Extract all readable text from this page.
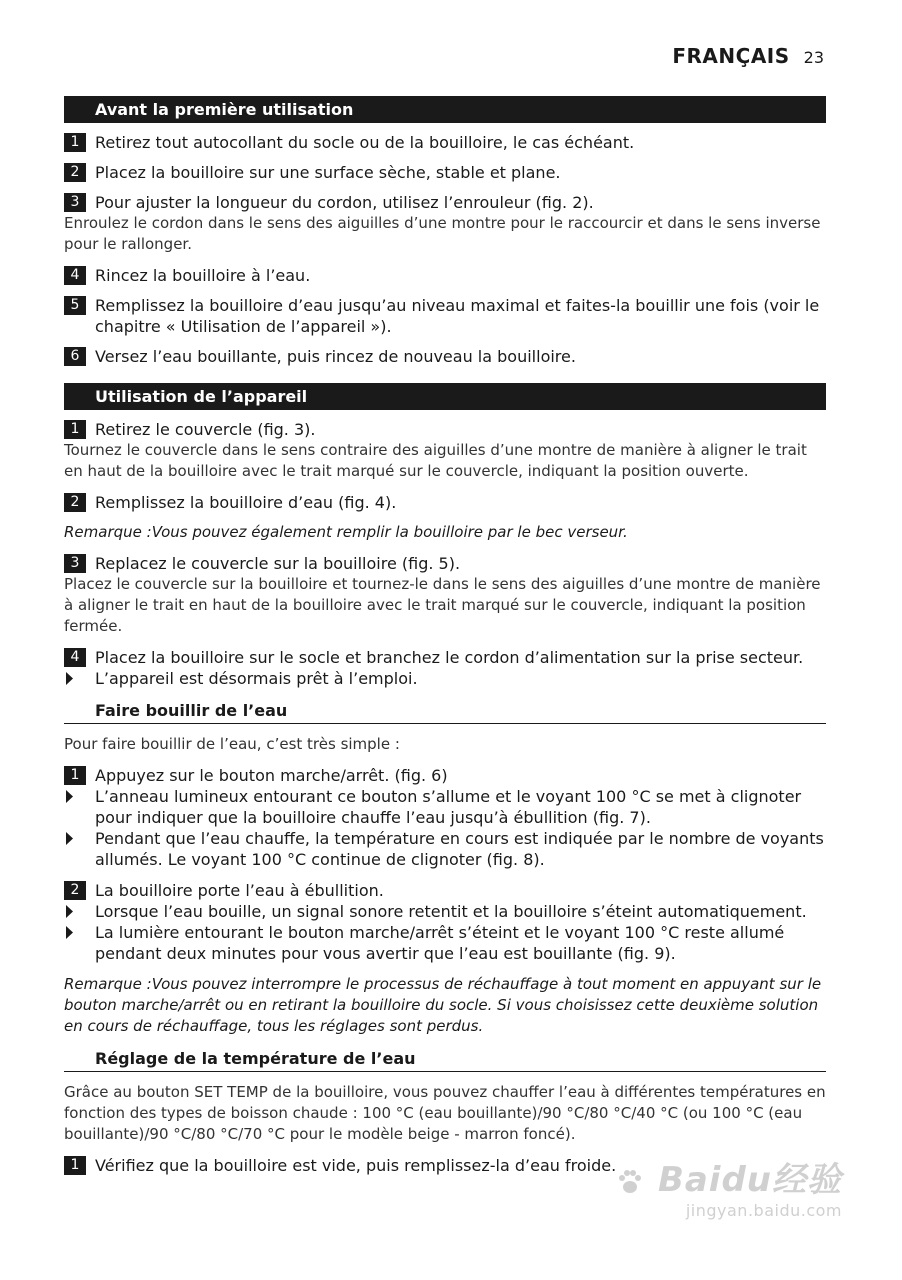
FRANÇAIS 23
Avant la première utilisation
1 Retirez tout autocollant du socle ou de la bouilloire, le cas échéant.
2 Placez la bouilloire sur une surface sèche, stable et plane.
3 Pour ajuster la longueur du cordon, utilisez l’enrouleur (fig. 2).
Enroulez le cordon dans le sens des aiguilles d’une montre pour le raccourcir et dans le sens inverse pour le rallonger.
4 Rincez la bouilloire à l’eau.
5 Remplissez la bouilloire d’eau jusqu’au niveau maximal et faites-la bouillir une fois (voir le chapitre « Utilisation de l’appareil »).
6 Versez l’eau bouillante, puis rincez de nouveau la bouilloire.
Utilisation de l’appareil
1 Retirez le couvercle (fig. 3).
Tournez le couvercle dans le sens contraire des aiguilles d’une montre de manière à aligner le trait en haut de la bouilloire avec le trait marqué sur le couvercle, indiquant la position ouverte.
2 Remplissez la bouilloire d’eau (fig. 4).
Remarque :Vous pouvez également remplir la bouilloire par le bec verseur.
3 Replacez le couvercle sur la bouilloire (fig. 5).
Placez le couvercle sur la bouilloire et tournez-le dans le sens des aiguilles d’une montre de manière à aligner le trait en haut de la bouilloire avec le trait marqué sur le couvercle, indiquant la position fermée.
4 Placez la bouilloire sur le socle et branchez le cordon d’alimentation sur la prise secteur.
L’appareil est désormais prêt à l’emploi.
Faire bouillir de l’eau
Pour faire bouillir de l’eau, c’est très simple :
1 Appuyez sur le bouton marche/arrêt. (fig. 6)
L’anneau lumineux entourant ce bouton s’allume et le voyant 100 °C se met à clignoter pour indiquer que la bouilloire chauffe l’eau jusqu’à ébullition (fig. 7).
Pendant que l’eau chauffe, la température en cours est indiquée par le nombre de voyants allumés. Le voyant 100 °C continue de clignoter (fig. 8).
2 La bouilloire porte l’eau à ébullition.
Lorsque l’eau bouille, un signal sonore retentit et la bouilloire s’éteint automatiquement.
La lumière entourant le bouton marche/arrêt s’éteint et le voyant 100 °C reste allumé pendant deux minutes pour vous avertir que l’eau est bouillante (fig. 9).
Remarque :Vous pouvez interrompre le processus de réchauffage à tout moment en appuyant sur le bouton marche/arrêt ou en retirant la bouilloire du socle. Si vous choisissez cette deuxième solution en cours de réchauffage, tous les réglages sont perdus.
Réglage de la température de l’eau
Grâce au bouton SET TEMP de la bouilloire, vous pouvez chauffer l’eau à différentes températures en fonction des types de boisson chaude : 100 °C (eau bouillante)/90 °C/80 °C/40 °C (ou 100 °C (eau bouillante)/90 °C/80 °C/70 °C pour le modèle beige - marron foncé).
1 Vérifiez que la bouilloire est vide, puis remplissez-la d’eau froide.	Baidu经验
jingyan.baidu.com
